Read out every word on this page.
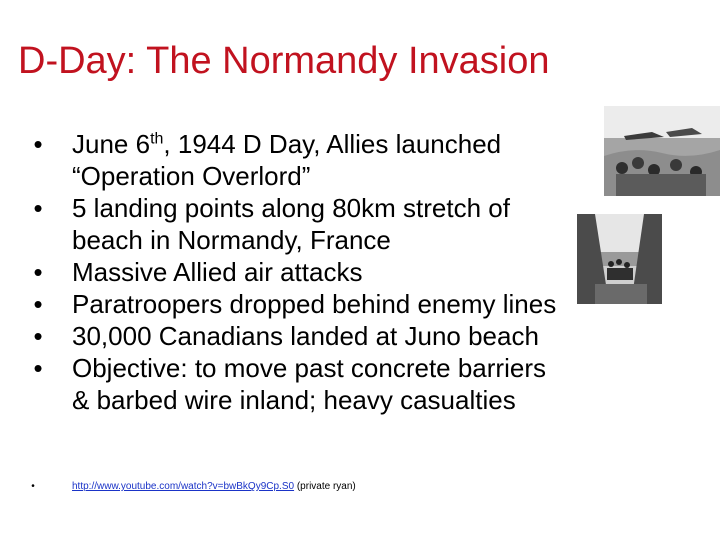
D-Day: The Normandy Invasion
• June 6th, 1944 D Day, Allies launched
“Operation Overlord”
• 5 landing points along 80km stretch of
beach in Normandy, France
• Massive Allied air attacks
• Paratroopers dropped behind enemy lines
• 30,000 Canadians landed at Juno beach
• Objective: to move past concrete barriers
& barbed wire inland; heavy casualties
•	http://www.youtube.com/watch?v=bwBkQy9Cp.S0 (private ryan)
